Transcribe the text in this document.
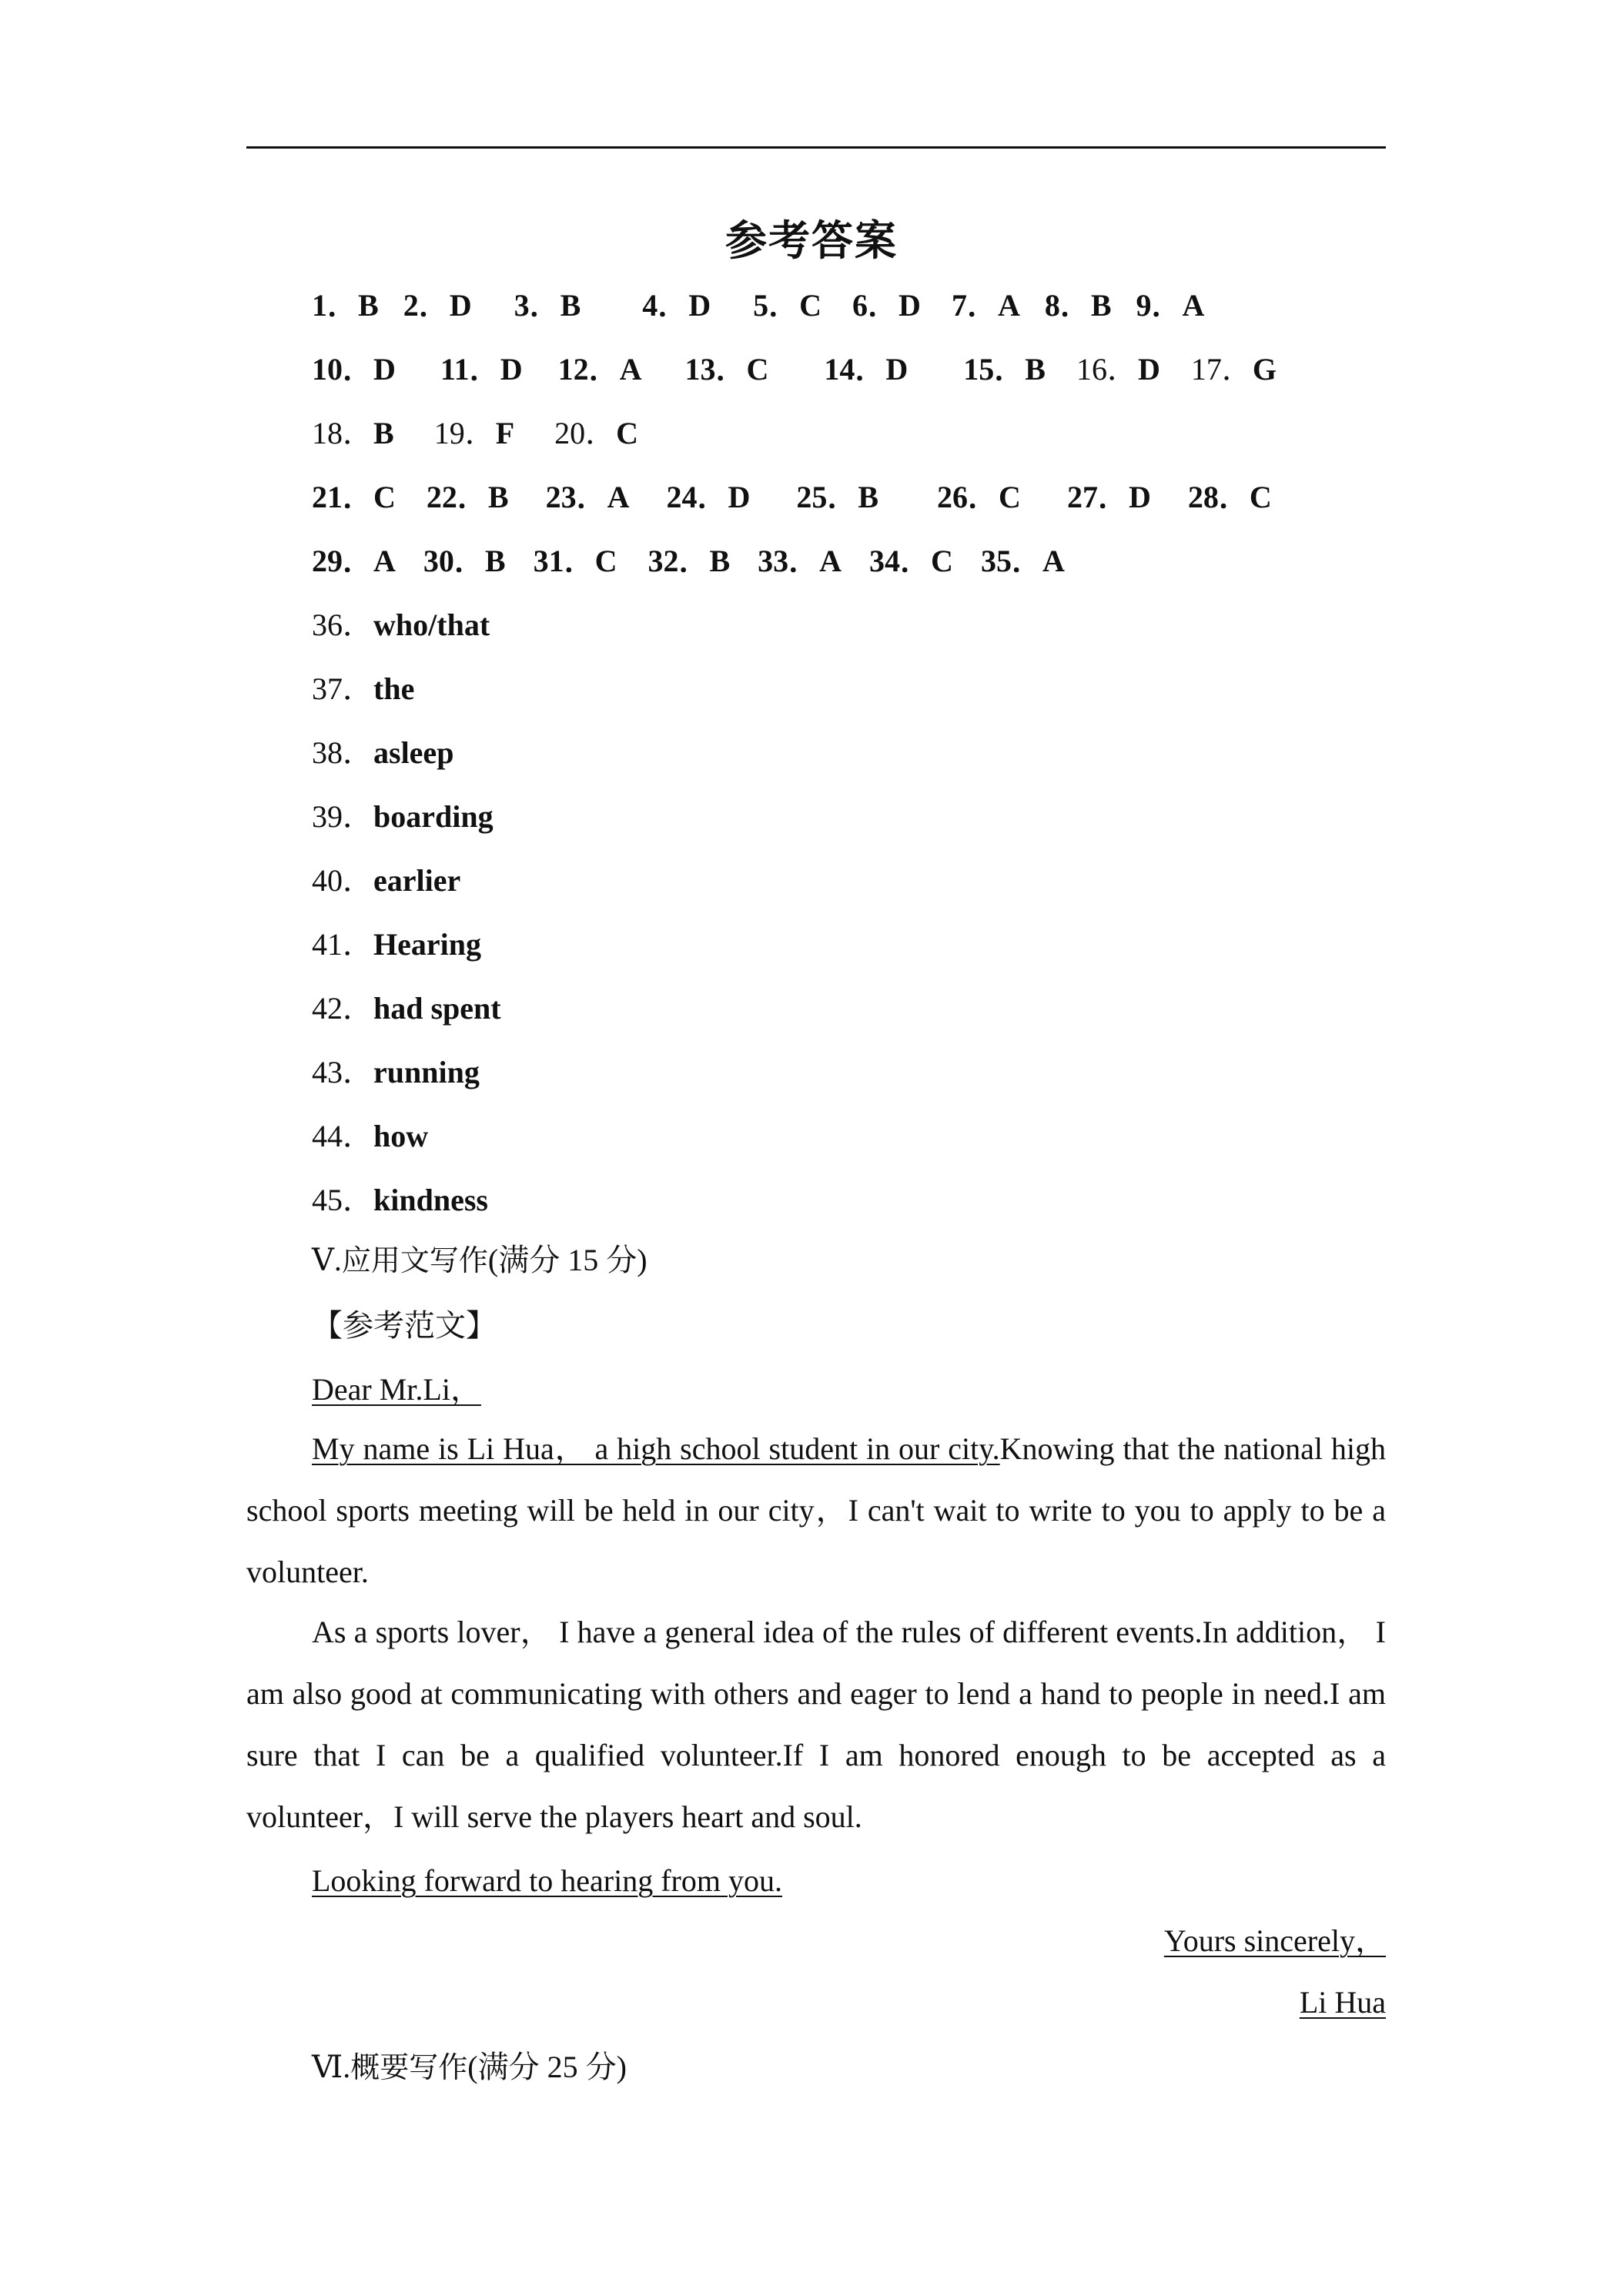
参考答案
1．B 2．D 3．B 4．D 5．C 6．D 7．A 8．B 9．A
10．D 11．D 12．A 13．C 14．D 15．B 16．D 17．G
18．B 19．F 20．C
21．C 22．B 23．A 24．D 25．B 26．C 27．D 28．C
29．A 30．B 31．C 32．B 33．A 34．C 35．A
36．who/that
37．the
38．asleep
39．boarding
40．earlier
41．Hearing
42．had spent
43．running
44．how
45．kindness
Ⅴ.应用文写作(满分 15 分)
【参考范文】
Dear Mr.Li，
My name is Li Hua， a high school student in our city.Knowing that the national high school sports meeting will be held in our city，I can't wait to write to you to apply to be a volunteer.
As a sports lover， I have a general idea of the rules of different events.In addition， I am also good at communicating with others and eager to lend a hand to people in need.I am sure that I can be a qualified volunteer.If I am honored enough to be accepted as a volunteer，I will serve the players heart and soul.
Looking forward to hearing from you.
Yours sincerely，
Li Hua
Ⅵ.概要写作(满分 25 分)
